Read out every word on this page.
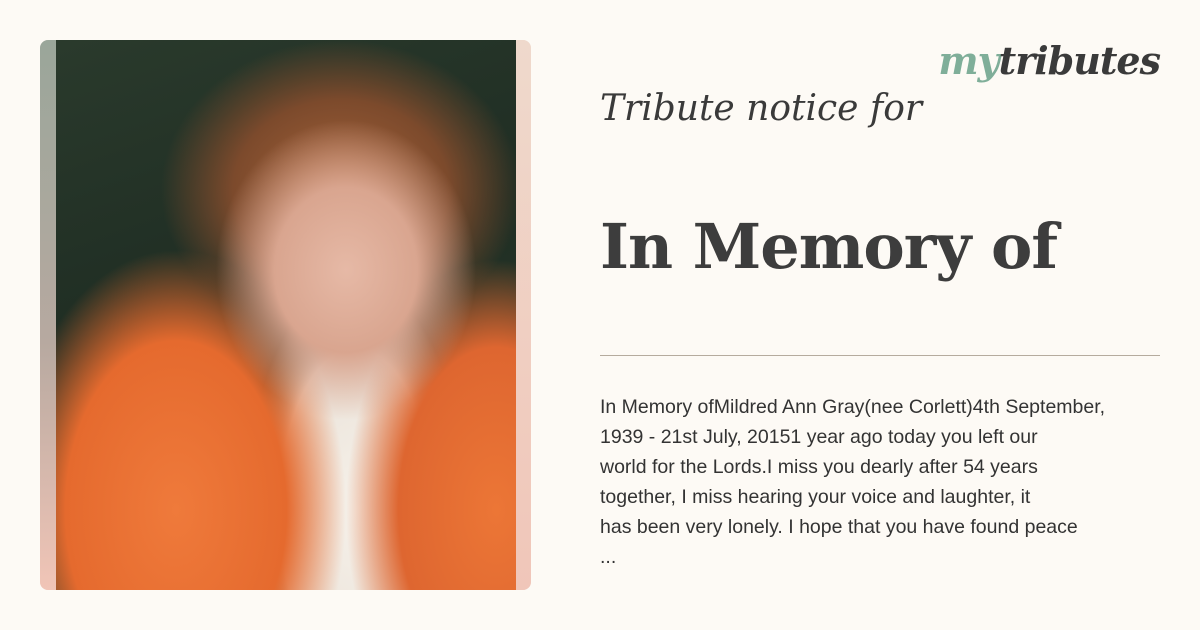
mytributes
Tribute notice for
In Memory of
In Memory ofMildred Ann Gray(nee Corlett)4th September,
1939 - 21st July, 20151 year ago today you left our
world for the Lords.I miss you dearly after 54 years
together, I miss hearing your voice and laughter, it
has been very lonely. I hope that you have found peace
...
